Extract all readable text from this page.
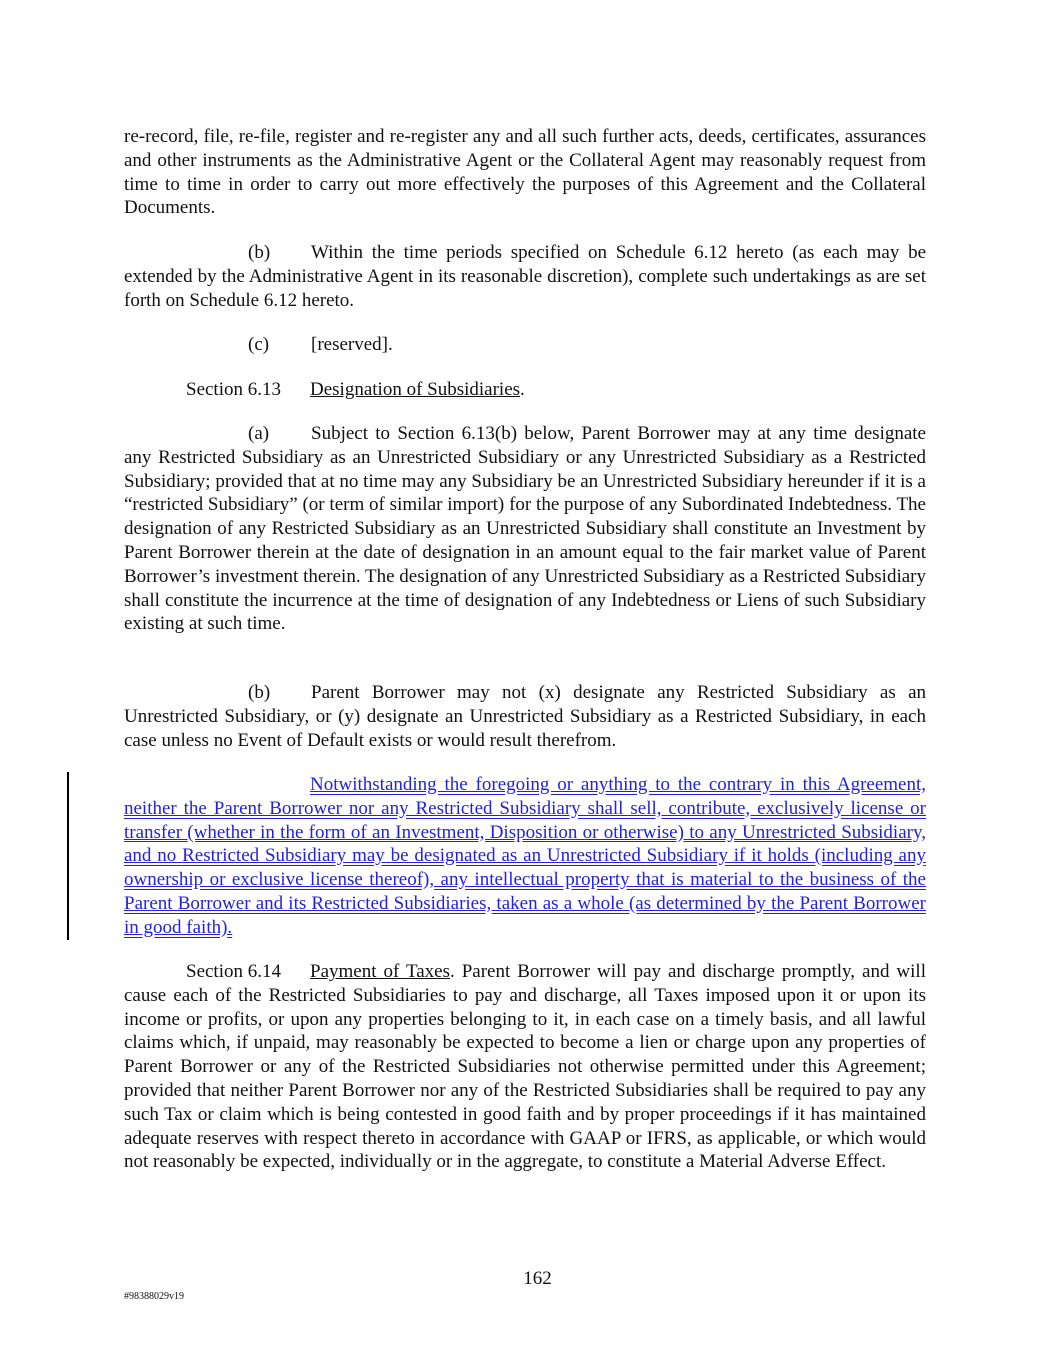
re-record, file, re-file, register and re-register any and all such further acts, deeds, certificates, assurances and other instruments as the Administrative Agent or the Collateral Agent may reasonably request from time to time in order to carry out more effectively the purposes of this Agreement and the Collateral Documents.

(b) Within the time periods specified on Schedule 6.12 hereto (as each may be extended by the Administrative Agent in its reasonable discretion), complete such undertakings as are set forth on Schedule 6.12 hereto.

(c) [reserved].

Section 6.13 Designation of Subsidiaries.

(a) Subject to Section 6.13(b) below, Parent Borrower may at any time designate any Restricted Subsidiary as an Unrestricted Subsidiary or any Unrestricted Subsidiary as a Restricted Subsidiary; provided that at no time may any Subsidiary be an Unrestricted Subsidiary hereunder if it is a “restricted Subsidiary” (or term of similar import) for the purpose of any Subordinated Indebtedness. The designation of any Restricted Subsidiary as an Unrestricted Subsidiary shall constitute an Investment by Parent Borrower therein at the date of designation in an amount equal to the fair market value of Parent Borrower’s investment therein. The designation of any Unrestricted Subsidiary as a Restricted Subsidiary shall constitute the incurrence at the time of designation of any Indebtedness or Liens of such Subsidiary existing at such time.

(b) Parent Borrower may not (x) designate any Restricted Subsidiary as an Unrestricted Subsidiary, or (y) designate an Unrestricted Subsidiary as a Restricted Subsidiary, in each case unless no Event of Default exists or would result therefrom.

Notwithstanding the foregoing or anything to the contrary in this Agreement, neither the Parent Borrower nor any Restricted Subsidiary shall sell, contribute, exclusively license or transfer (whether in the form of an Investment, Disposition or otherwise) to any Unrestricted Subsidiary, and no Restricted Subsidiary may be designated as an Unrestricted Subsidiary if it holds (including any ownership or exclusive license thereof), any intellectual property that is material to the business of the Parent Borrower and its Restricted Subsidiaries, taken as a whole (as determined by the Parent Borrower in good faith).

Section 6.14 Payment of Taxes. Parent Borrower will pay and discharge promptly, and will cause each of the Restricted Subsidiaries to pay and discharge, all Taxes imposed upon it or upon its income or profits, or upon any properties belonging to it, in each case on a timely basis, and all lawful claims which, if unpaid, may reasonably be expected to become a lien or charge upon any properties of Parent Borrower or any of the Restricted Subsidiaries not otherwise permitted under this Agreement; provided that neither Parent Borrower nor any of the Restricted Subsidiaries shall be required to pay any such Tax or claim which is being contested in good faith and by proper proceedings if it has maintained adequate reserves with respect thereto in accordance with GAAP or IFRS, as applicable, or which would not reasonably be expected, individually or in the aggregate, to constitute a Material Adverse Effect.

162
#98388029v19
